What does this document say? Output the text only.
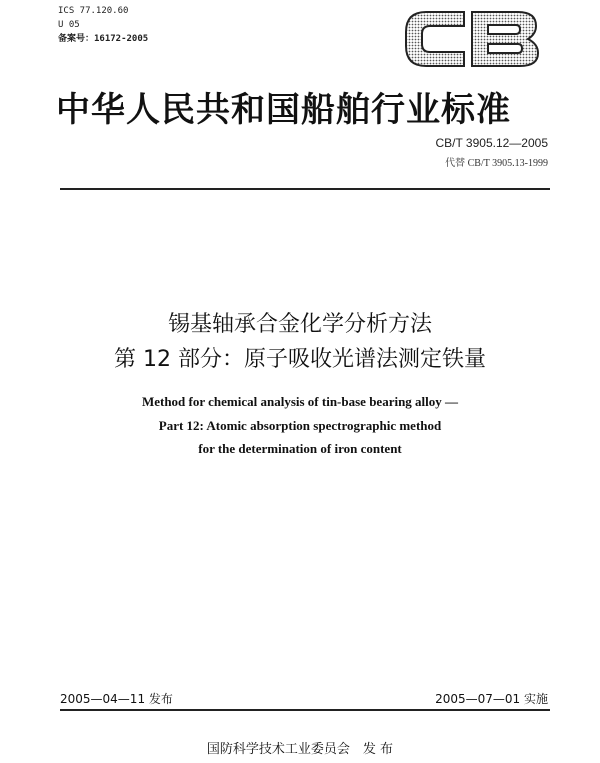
ICS 77.120.60
U 05
备案号：16172-2005
中华人民共和国船舶行业标准
CB/T 3905.12—2005
代替 CB/T 3905.13-1999
锡基轴承合金化学分析方法
第 12 部分：原子吸收光谱法测定铁量
Method for chemical analysis of tin-base bearing alloy —
Part 12: Atomic absorption spectrographic method
for the determination of iron content
2005—04—11 发布	2005—07—01 实施
国防科学技术工业委员会　发 布
